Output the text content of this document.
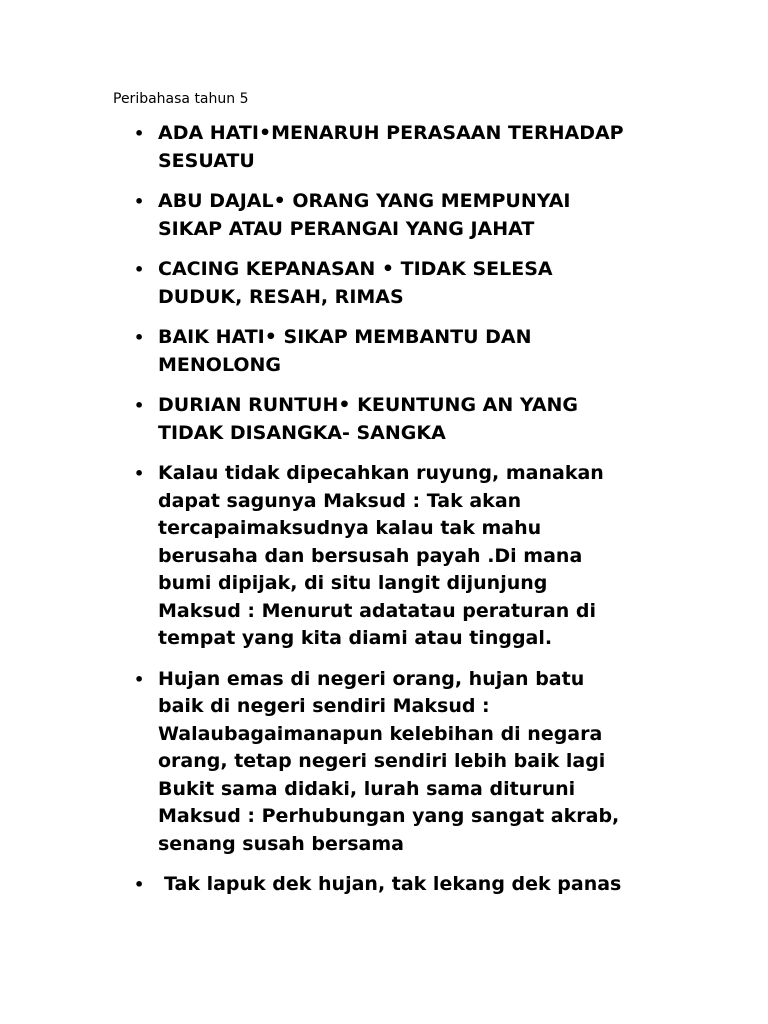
Peribahasa tahun 5

• ADA HATI•MENARUH PERASAAN TERHADAP
SESUATU
• ABU DAJAL• ORANG YANG MEMPUNYAI
SIKAP ATAU PERANGAI YANG JAHAT
• CACING KEPANASAN • TIDAK SELESA
DUDUK, RESAH, RIMAS
• BAIK HATI• SIKAP MEMBANTU DAN
MENOLONG
• DURIAN RUNTUH• KEUNTUNG AN YANG
TIDAK DISANGKA- SANGKA
• Kalau tidak dipecahkan ruyung, manakan
dapat sagunya Maksud : Tak akan
tercapaimaksudnya kalau tak mahu
berusaha dan bersusah payah .Di mana
bumi dipijak, di situ langit dijunjung
Maksud : Menurut adatatau peraturan di
tempat yang kita diami atau tinggal.
• Hujan emas di negeri orang, hujan batu
baik di negeri sendiri Maksud :
Walaubagaimanapun kelebihan di negara
orang, tetap negeri sendiri lebih baik lagi
Bukit sama didaki, lurah sama dituruni
Maksud : Perhubungan yang sangat akrab,
senang susah bersama
•	Tak lapuk dek hujan, tak lekang dek panas
